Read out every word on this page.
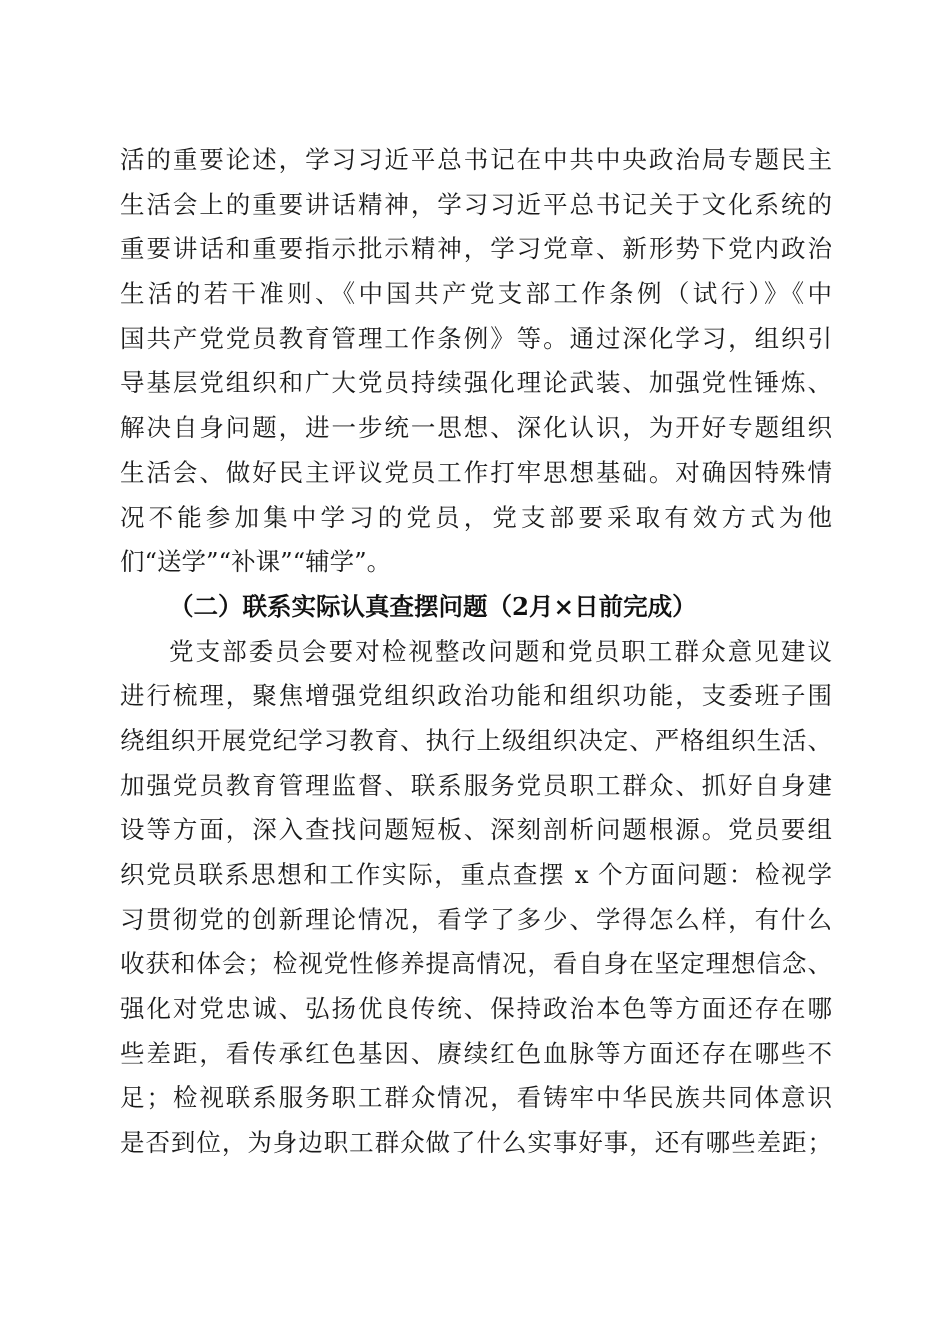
活的重要论述，学习习近平总书记在中共中央政治局专题民主
生活会上的重要讲话精神，学习习近平总书记关于文化系统的
重要讲话和重要指示批示精神，学习党章、新形势下党内政治
生活的若干准则、《中国共产党支部工作条例（试行）》《中
国共产党党员教育管理工作条例》等。通过深化学习，组织引
导基层党组织和广大党员持续强化理论武装、加强党性锤炼、
解决自身问题，进一步统一思想、深化认识，为开好专题组织
生活会、做好民主评议党员工作打牢思想基础。对确因特殊情
况不能参加集中学习的党员，党支部要采取有效方式为他
们“送学”“补课”“辅学”。
（二）联系实际认真查摆问题（2月×日前完成）
党支部委员会要对检视整改问题和党员职工群众意见建议
进行梳理，聚焦增强党组织政治功能和组织功能，支委班子围
绕组织开展党纪学习教育、执行上级组织决定、严格组织生活、
加强党员教育管理监督、联系服务党员职工群众、抓好自身建
设等方面，深入查找问题短板、深刻剖析问题根源。党员要组
织党员联系思想和工作实际，重点查摆 x 个方面问题：检视学
习贯彻党的创新理论情况，看学了多少、学得怎么样，有什么
收获和体会；检视党性修养提高情况，看自身在坚定理想信念、
强化对党忠诚、弘扬优良传统、保持政治本色等方面还存在哪
些差距，看传承红色基因、赓续红色血脉等方面还存在哪些不
足；检视联系服务职工群众情况，看铸牢中华民族共同体意识
是否到位，为身边职工群众做了什么实事好事，还有哪些差距；
